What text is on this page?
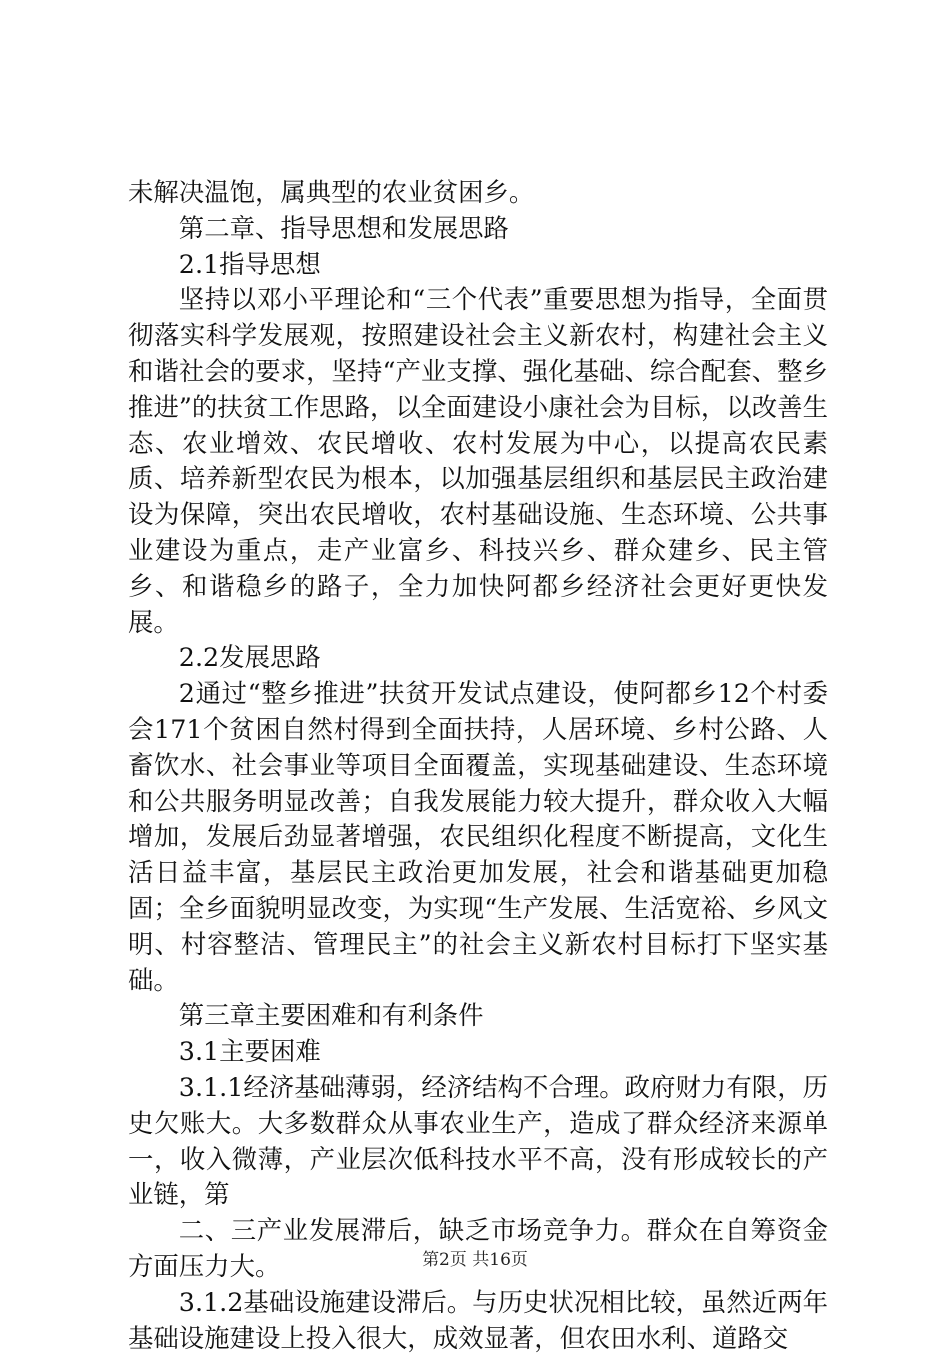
未解决温饱，属典型的农业贫困乡。

第二章、指导思想和发展思路

2.1指导思想

坚持以邓小平理论和“三个代表”重要思想为指导，全面贯彻落实科学发展观，按照建设社会主义新农村，构建社会主义和谐社会的要求，坚持“产业支撑、强化基础、综合配套、整乡推进”的扶贫工作思路，以全面建设小康社会为目标，以改善生态、农业增效、农民增收、农村发展为中心，以提高农民素质、培养新型农民为根本，以加强基层组织和基层民主政治建设为保障，突出农民增收，农村基础设施、生态环境、公共事业建设为重点，走产业富乡、科技兴乡、群众建乡、民主管乡、和谐稳乡的路子，全力加快阿都乡经济社会更好更快发展。

2.2发展思路

2通过“整乡推进”扶贫开发试点建设，使阿都乡12个村委会171个贫困自然村得到全面扶持，人居环境、乡村公路、人畜饮水、社会事业等项目全面覆盖，实现基础建设、生态环境和公共服务明显改善；自我发展能力较大提升，群众收入大幅增加，发展后劲显著增强，农民组织化程度不断提高，文化生活日益丰富，基层民主政治更加发展，社会和谐基础更加稳固；全乡面貌明显改变，为实现“生产发展、生活宽裕、乡风文明、村容整洁、管理民主”的社会主义新农村目标打下坚实基础。

第三章主要困难和有利条件

3.1主要困难

3.1.1经济基础薄弱，经济结构不合理。政府财力有限，历史欠账大。大多数群众从事农业生产，造成了群众经济来源单一，收入微薄，产业层次低科技水平不高，没有形成较长的产业链，第

二、三产业发展滞后，缺乏市场竞争力。群众在自筹资金方面压力大。

3.1.2基础设施建设滞后。与历史状况相比较，虽然近两年基础设施建设上投入很大，成效显著，但农田水利、道路交

第2页 共16页
